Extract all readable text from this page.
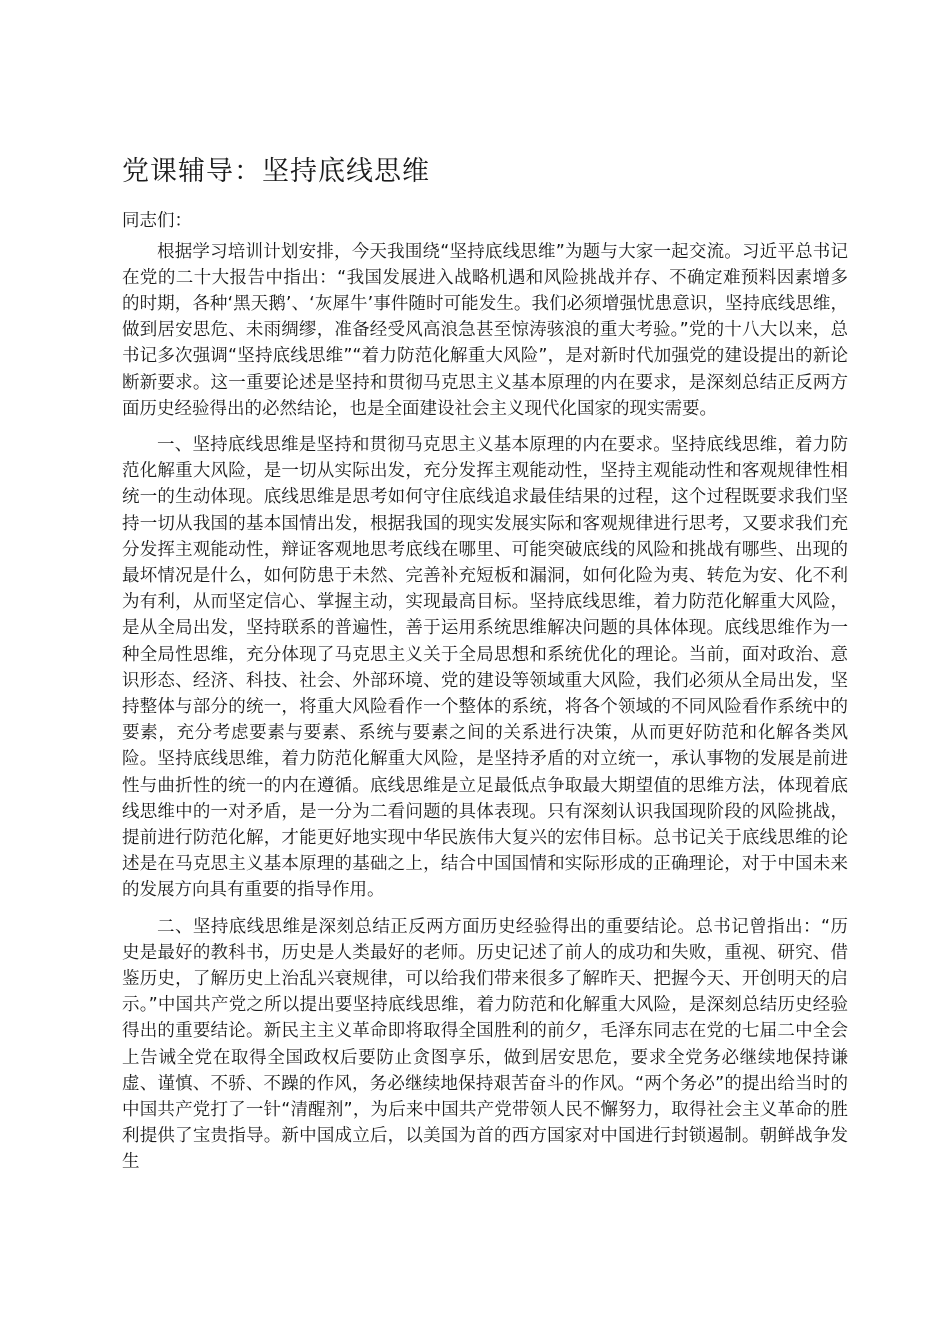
党课辅导：坚持底线思维

同志们：

根据学习培训计划安排，今天我围绕“坚持底线思维”为题与大家一起交流。习近平总书记在党的二十大报告中指出：“我国发展进入战略机遇和风险挑战并存、不确定难预料因素增多的时期，各种‘黑天鹅’、‘灰犀牛’事件随时可能发生。我们必须增强忧患意识，坚持底线思维，做到居安思危、未雨绸缪，准备经受风高浪急甚至惊涛骇浪的重大考验。”党的十八大以来，总书记多次强调“坚持底线思维”“着力防范化解重大风险”，是对新时代加强党的建设提出的新论断新要求。这一重要论述是坚持和贯彻马克思主义基本原理的内在要求，是深刻总结正反两方面历史经验得出的必然结论，也是全面建设社会主义现代化国家的现实需要。

一、坚持底线思维是坚持和贯彻马克思主义基本原理的内在要求。坚持底线思维，着力防范化解重大风险，是一切从实际出发，充分发挥主观能动性，坚持主观能动性和客观规律性相统一的生动体现。底线思维是思考如何守住底线追求最佳结果的过程，这个过程既要求我们坚持一切从我国的基本国情出发，根据我国的现实发展实际和客观规律进行思考，又要求我们充分发挥主观能动性，辩证客观地思考底线在哪里、可能突破底线的风险和挑战有哪些、出现的最坏情况是什么，如何防患于未然、完善补充短板和漏洞，如何化险为夷、转危为安、化不利为有利，从而坚定信心、掌握主动，实现最高目标。坚持底线思维，着力防范化解重大风险，是从全局出发，坚持联系的普遍性，善于运用系统思维解决问题的具体体现。底线思维作为一种全局性思维，充分体现了马克思主义关于全局思想和系统优化的理论。当前，面对政治、意识形态、经济、科技、社会、外部环境、党的建设等领域重大风险，我们必须从全局出发，坚持整体与部分的统一，将重大风险看作一个整体的系统，将各个领域的不同风险看作系统中的要素，充分考虑要素与要素、系统与要素之间的关系进行决策，从而更好防范和化解各类风险。坚持底线思维，着力防范化解重大风险，是坚持矛盾的对立统一，承认事物的发展是前进性与曲折性的统一的内在遵循。底线思维是立足最低点争取最大期望值的思维方法，体现着底线思维中的一对矛盾，是一分为二看问题的具体表现。只有深刻认识我国现阶段的风险挑战，提前进行防范化解，才能更好地实现中华民族伟大复兴的宏伟目标。总书记关于底线思维的论述是在马克思主义基本原理的基础之上，结合中国国情和实际形成的正确理论，对于中国未来的发展方向具有重要的指导作用。

二、坚持底线思维是深刻总结正反两方面历史经验得出的重要结论。总书记曾指出：“历史是最好的教科书，历史是人类最好的老师。历史记述了前人的成功和失败，重视、研究、借鉴历史，了解历史上治乱兴衰规律，可以给我们带来很多了解昨天、把握今天、开创明天的启示。”中国共产党之所以提出要坚持底线思维，着力防范和化解重大风险，是深刻总结历史经验得出的重要结论。新民主主义革命即将取得全国胜利的前夕，毛泽东同志在党的七届二中全会上告诫全党在取得全国政权后要防止贪图享乐，做到居安思危，要求全党务必继续地保持谦虚、谨慎、不骄、不躁的作风，务必继续地保持艰苦奋斗的作风。“两个务必”的提出给当时的中国共产党打了一针“清醒剂”，为后来中国共产党带领人民不懈努力，取得社会主义革命的胜利提供了宝贵指导。新中国成立后，以美国为首的西方国家对中国进行封锁遏制。朝鲜战争发生
